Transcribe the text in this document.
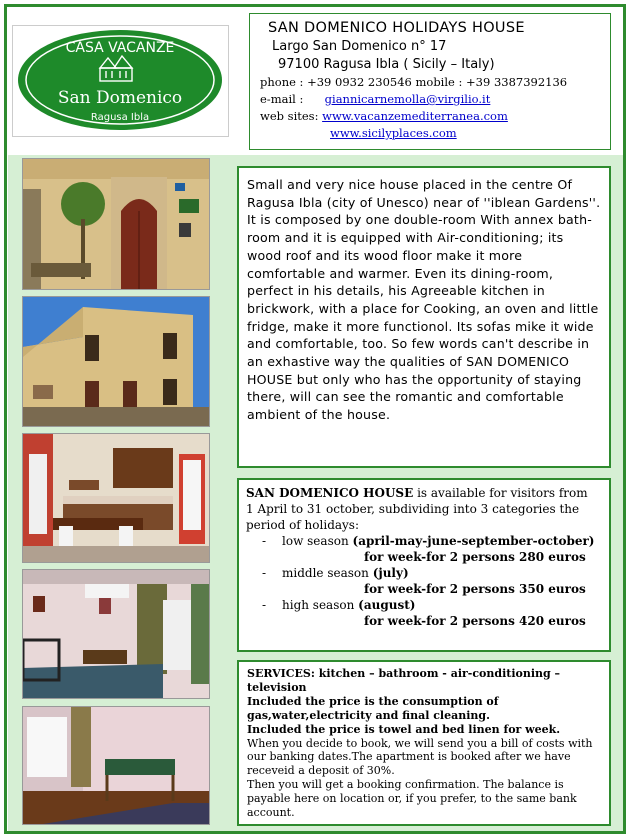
CASA VACANZE
San Domenico
Ragusa Ibla
SAN DOMENICO HOLIDAYS HOUSE
Largo San Domenico n° 17
97100 Ragusa Ibla ( Sicily – Italy)
phone : +39 0932 230546 mobile : +39 3387392136
e-mail : giannicarnemolla@virgilio.it
web sites: www.vacanzemediterranea.com
www.sicilyplaces.com
Small and very nice house placed in the centre Of Ragusa Ibla (city of Unesco) near of ''iblean Gardens''. It is composed by one double-room With annex bath-room and it is equipped with Air-conditioning; its wood roof and its wood floor make it more comfortable and warmer. Even its dining-room, perfect in his details, his Agreeable kitchen in brickwork, with a place for Cooking, an oven and little fridge, make it more functionol. Its sofas mike it wide and comfortable, too. So few words can't describe in an exhastive way the qualities of SAN DOMENICO HOUSE but only who has the opportunity of staying there, will can see the romantic and comfortable ambient of the house.
SAN DOMENICO HOUSE is available for visitors from
1 April to 31 october, subdividing into 3 categories the period of holidays:
-	low season
(april-may-june-september-october)
for week-for 2 persons 280 euros
-	middle season
(july)
for week-for 2 persons 350 euros
-	high season
(august)
for week-for 2 persons 420 euros
SERVICES: kitchen – bathroom - air-conditioning – television
Included the price is the consumption of gas,water,electricity and final cleaning.
Included the price is towel and bed linen for week.
When you decide to book, we will send you a bill of costs with our banking dates.The apartment is booked after we have receveid a deposit of 30%.
Then you will get a booking confirmation. The balance is payable here on location or, if you prefer, to the same bank account.
